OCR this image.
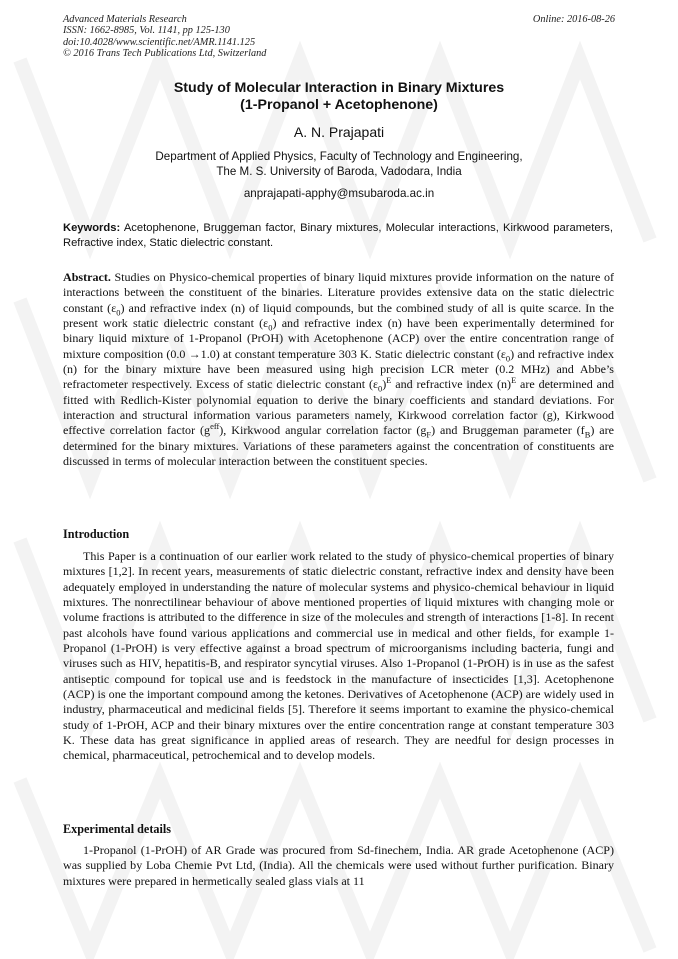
Advanced Materials Research
ISSN: 1662-8985, Vol. 1141, pp 125-130
doi:10.4028/www.scientific.net/AMR.1141.125
© 2016 Trans Tech Publications Ltd, Switzerland
Online: 2016-08-26
Study of Molecular Interaction in Binary Mixtures
(1-Propanol + Acetophenone)
A. N. Prajapati
Department of Applied Physics, Faculty of Technology and Engineering,
The M. S. University of Baroda, Vadodara, India
anprajapati-apphy@msubaroda.ac.in
Keywords: Acetophenone, Bruggeman factor, Binary mixtures, Molecular interactions, Kirkwood parameters, Refractive index, Static dielectric constant.

Abstract. Studies on Physico-chemical properties of binary liquid mixtures provide information on the nature of interactions between the constituent of the binaries. Literature provides extensive data on the static dielectric constant $(\varepsilon_0)$ and refractive index (n) of liquid compounds, but the combined study of all is quite scarce. In the present work static dielectric constant $(\varepsilon_0)$ and refractive index (n) have been experimentally determined for binary liquid mixture of 1-Propanol (PrOH) with Acetophenone (ACP) over the entire concentration range of mixture composition (0.0 →1.0) at constant temperature 303 K. Static dielectric constant $(\varepsilon_0)$ and refractive index (n) for the binary mixture have been measured using high precision LCR meter (0.2 MHz) and Abbe’s refractometer respectively. Excess of static dielectric constant $(\varepsilon_0)^E$ and refractive index $(n)^E$ are determined and fitted with Redlich-Kister polynomial equation to derive the binary coefficients and standard deviations. For interaction and structural information various parameters namely, Kirkwood correlation factor (g), Kirkwood effective correlation factor $(g^{eff})$, Kirkwood angular correlation factor $(g_F)$ and Bruggeman parameter $(f_B)$ are determined for the binary mixtures. Variations of these parameters against the concentration of constituents are discussed in terms of molecular interaction between the constituent species.

Introduction

This Paper is a continuation of our earlier work related to the study of physico-chemical properties of binary mixtures [1,2]. In recent years, measurements of static dielectric constant, refractive index and density have been adequately employed in understanding the nature of molecular systems and physico-chemical behaviour in liquid mixtures. The nonrectilinear behaviour of above mentioned properties of liquid mixtures with changing mole or volume fractions is attributed to the difference in size of the molecules and strength of interactions [1-8]. In recent past alcohols have found various applications and commercial use in medical and other fields, for example 1-Propanol (1-PrOH) is very effective against a broad spectrum of microorganisms including bacteria, fungi and viruses such as HIV, hepatitis-B, and respirator syncytial viruses. Also 1-Propanol (1-PrOH) is in use as the safest antiseptic compound for topical use and is feedstock in the manufacture of insecticides [1,3]. Acetophenone (ACP) is one the important compound among the ketones. Derivatives of Acetophenone (ACP) are widely used in industry, pharmaceutical and medicinal fields [5]. Therefore it seems important to examine the physico-chemical study of 1-PrOH, ACP and their binary mixtures over the entire concentration range at constant temperature 303 K. These data has great significance in applied areas of research. They are needful for design processes in chemical, pharmaceutical, petrochemical and to develop models.

Experimental details

1-Propanol (1-PrOH) of AR Grade was procured from Sd-finechem, India. AR grade Acetophenone (ACP) was supplied by Loba Chemie Pvt Ltd, (India). All the chemicals were used without further purification. Binary mixtures were prepared in hermetically sealed glass vials at 11
